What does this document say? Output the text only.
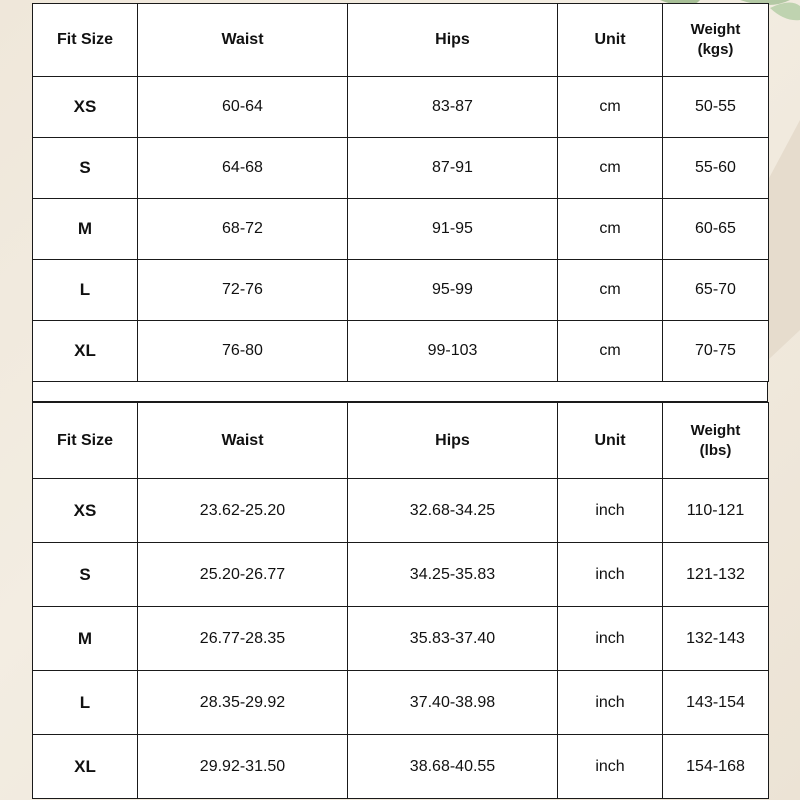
Fit Size	Waist	Hips	Unit	Weight
(kgs)
XS	60-64	83-87	cm	50-55
S	64-68	87-91	cm	55-60
M	68-72	91-95	cm	60-65
L	72-76	95-99	cm	65-70
XL	76-80	99-103	cm	70-75
Fit Size	Waist	Hips	Unit	Weight
(lbs)
XS	23.62-25.20	32.68-34.25	inch	110-121
S	25.20-26.77	34.25-35.83	inch	121-132
M	26.77-28.35	35.83-37.40	inch	132-143
L	28.35-29.92	37.40-38.98	inch	143-154
XL	29.92-31.50	38.68-40.55	inch	154-168
